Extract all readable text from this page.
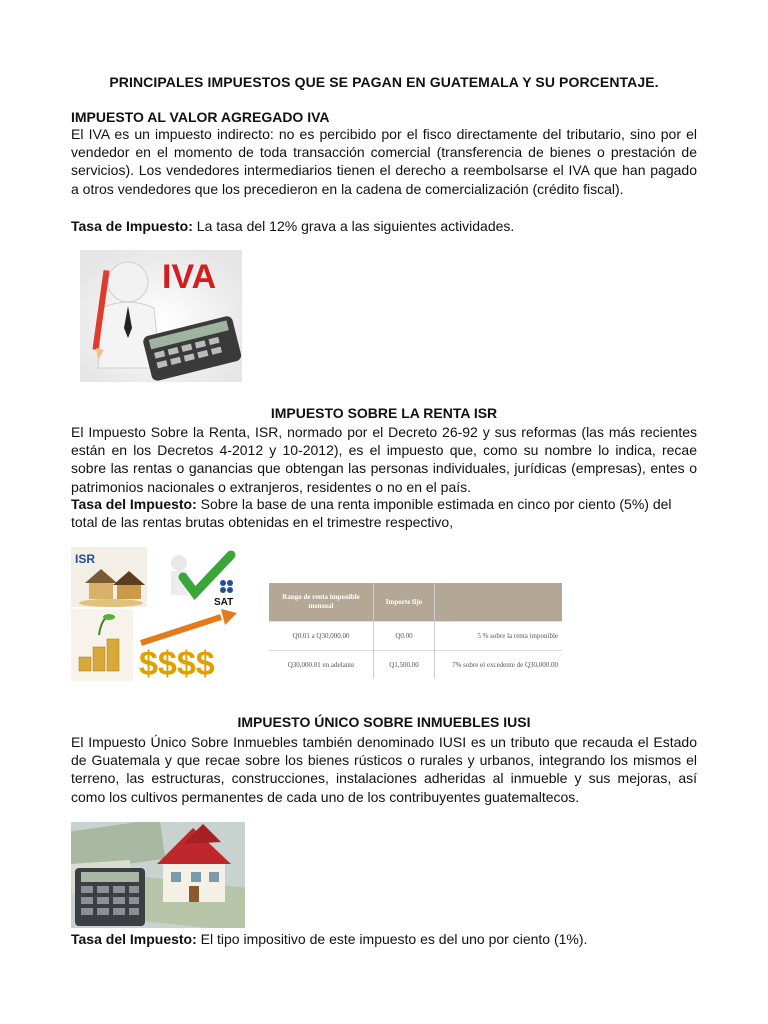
PRINCIPALES IMPUESTOS QUE SE PAGAN EN GUATEMALA Y SU PORCENTAJE.
IMPUESTO AL VALOR AGREGADO IVA
El IVA es un impuesto indirecto: no es percibido por el fisco directamente del tributario, sino por el vendedor en el momento de toda transacción comercial (transferencia de bienes o prestación de servicios). Los vendedores intermediarios tienen el derecho a reembolsarse el IVA que han pagado a otros vendedores que los precedieron en la cadena de comercialización (crédito fiscal).
Tasa de Impuesto: La tasa del 12% grava a las siguientes actividades.
IVA
IMPUESTO SOBRE LA RENTA ISR
El Impuesto Sobre la Renta, ISR, normado por el Decreto 26-92 y sus reformas (las más recientes están en los Decretos 4-2012 y 10-2012), es el impuesto que, como su nombre lo indica, recae sobre las rentas o ganancias que obtengan las personas individuales, jurídicas (empresas), entes o patrimonios nacionales o extranjeros, residentes o no en el país.
Tasa del Impuesto: Sobre la base de una renta imponible estimada en cinco por ciento (5%) del total de las rentas brutas obtenidas en el trimestre respectivo,
ISR
SAT
$$$$
Rango de renta imponible mensual	Importe fijo	
Q0.01 a Q30,000.00	Q0.00	5 % sobre la renta imponible
Q30,000.01 en adelante	Q1,500.00	7% sobre el excedente de Q30,000.00
IMPUESTO ÚNICO SOBRE INMUEBLES IUSI
El Impuesto Único Sobre Inmuebles también denominado IUSI es un tributo que recauda el Estado de Guatemala y que recae sobre los bienes rústicos o rurales y urbanos, integrando los mismos el terreno, las estructuras, construcciones, instalaciones adheridas al inmueble y sus mejoras, así como los cultivos permanentes de cada uno de los contribuyentes guatemaltecos.
Tasa del Impuesto: El tipo impositivo de este impuesto es del uno por ciento (1%).
